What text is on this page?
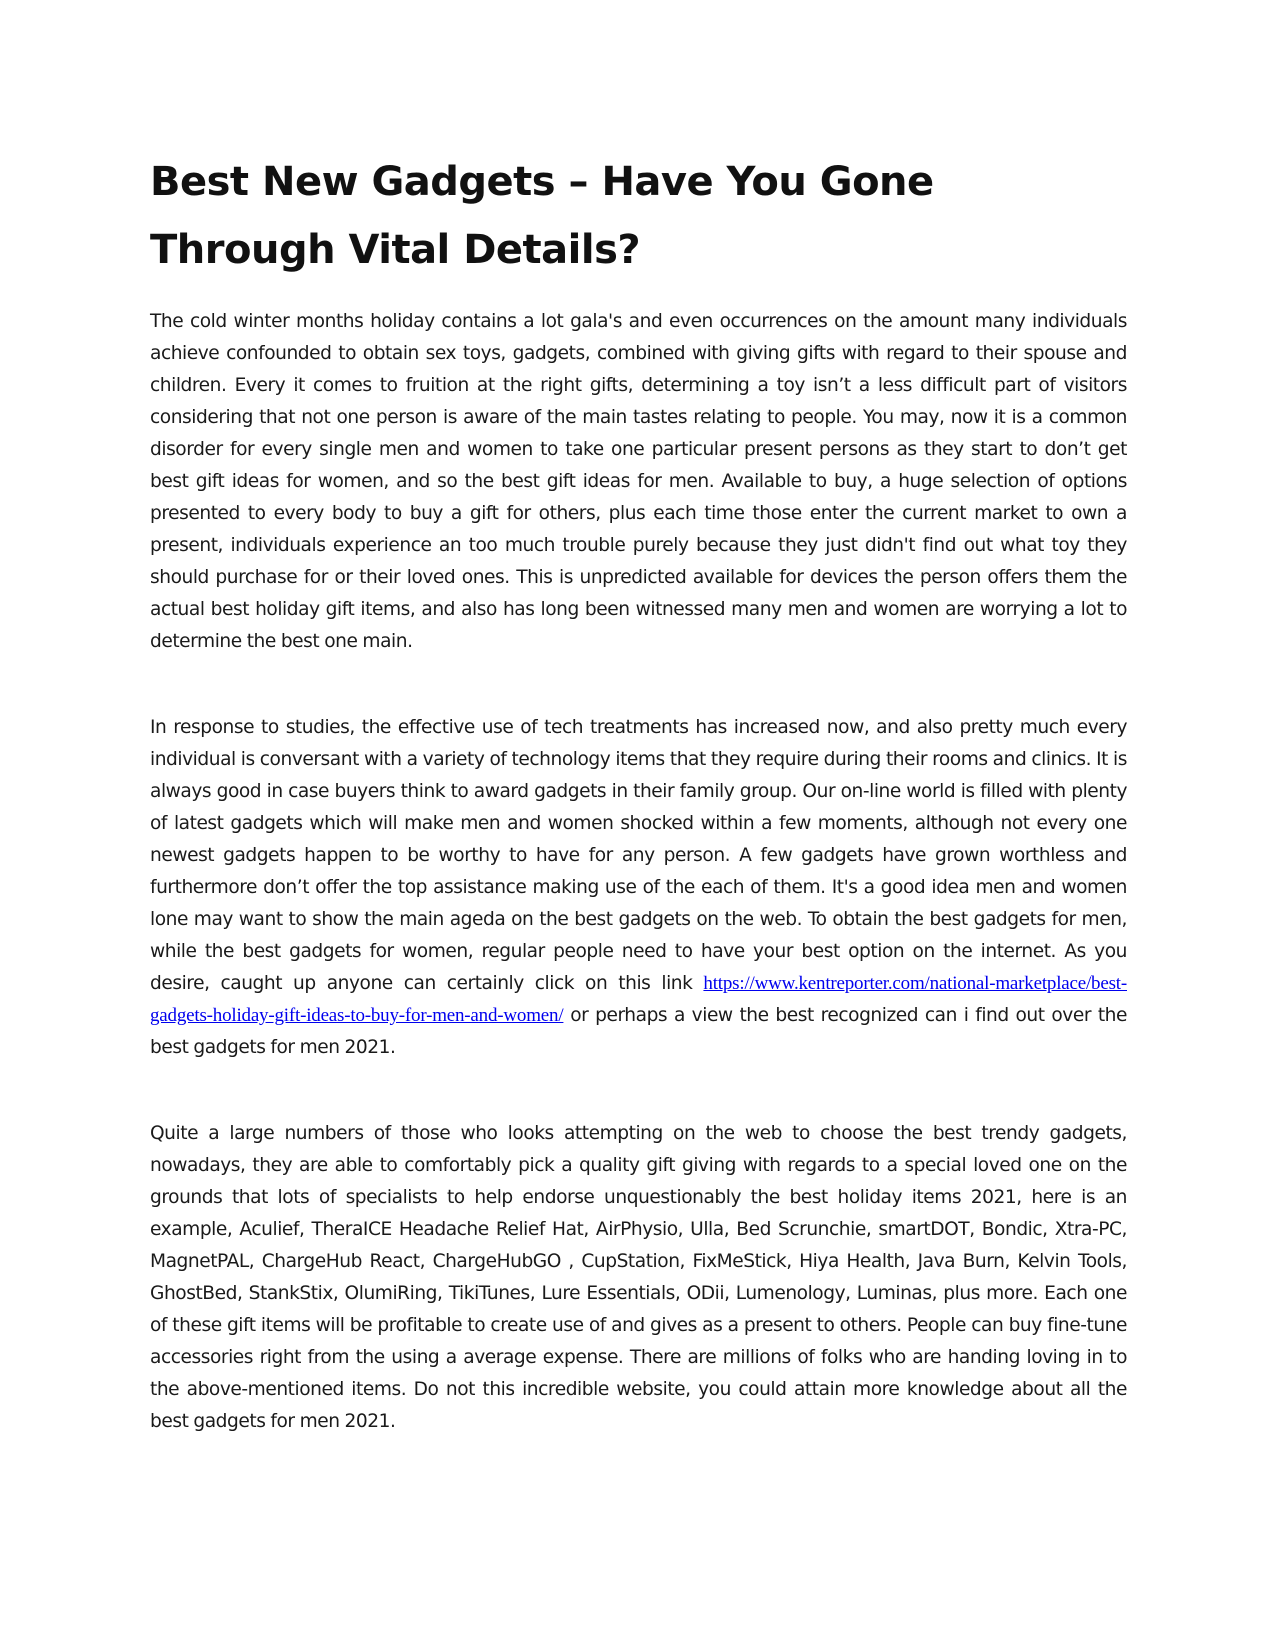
Best New Gadgets – Have You Gone Through Vital Details?

The cold winter months holiday contains a lot gala's and even occurrences on the amount many individuals achieve confounded to obtain sex toys, gadgets, combined with giving gifts with regard to their spouse and children. Every it comes to fruition at the right gifts, determining a toy isn’t a less difficult part of visitors considering that not one person is aware of the main tastes relating to people. You may, now it is a common disorder for every single men and women to take one particular present persons as they start to don’t get best gift ideas for women, and so the best gift ideas for men. Available to buy, a huge selection of options presented to every body to buy a gift for others, plus each time those enter the current market to own a present, individuals experience an too much trouble purely because they just didn't find out what toy they should purchase for or their loved ones. This is unpredicted available for devices the person offers them the actual best holiday gift items, and also has long been witnessed many men and women are worrying a lot to determine the best one main.

In response to studies, the effective use of tech treatments has increased now, and also pretty much every individual is conversant with a variety of technology items that they require during their rooms and clinics. It is always good in case buyers think to award gadgets in their family group. Our on-line world is filled with plenty of latest gadgets which will make men and women shocked within a few moments, although not every one newest gadgets happen to be worthy to have for any person. A few gadgets have grown worthless and furthermore don’t offer the top assistance making use of the each of them. It's a good idea men and women lone may want to show the main ageda on the best gadgets on the web. To obtain the best gadgets for men, while the best gadgets for women, regular people need to have your best option on the internet. As you desire, caught up anyone can certainly click on this link https://www.kentreporter.com/national-marketplace/best-gadgets-holiday-gift-ideas-to-buy-for-men-and-women/ or perhaps a view the best recognized can i find out over the best gadgets for men 2021.

Quite a large numbers of those who looks attempting on the web to choose the best trendy gadgets, nowadays, they are able to comfortably pick a quality gift giving with regards to a special loved one on the grounds that lots of specialists to help endorse unquestionably the best holiday items 2021, here is an example, Aculief, TheraICE Headache Relief Hat, AirPhysio, Ulla, Bed Scrunchie, smartDOT, Bondic, Xtra-PC, MagnetPAL, ChargeHub React, ChargeHubGO , CupStation, FixMeStick, Hiya Health, Java Burn, Kelvin Tools, GhostBed, StankStix, OlumiRing, TikiTunes, Lure Essentials, ODii, Lumenology, Luminas, plus more. Each one of these gift items will be profitable to create use of and gives as a present to others. People can buy fine-tune accessories right from the using a average expense. There are millions of folks who are handing loving in to the above-mentioned items. Do not this incredible website, you could attain more knowledge about all the best gadgets for men 2021.
